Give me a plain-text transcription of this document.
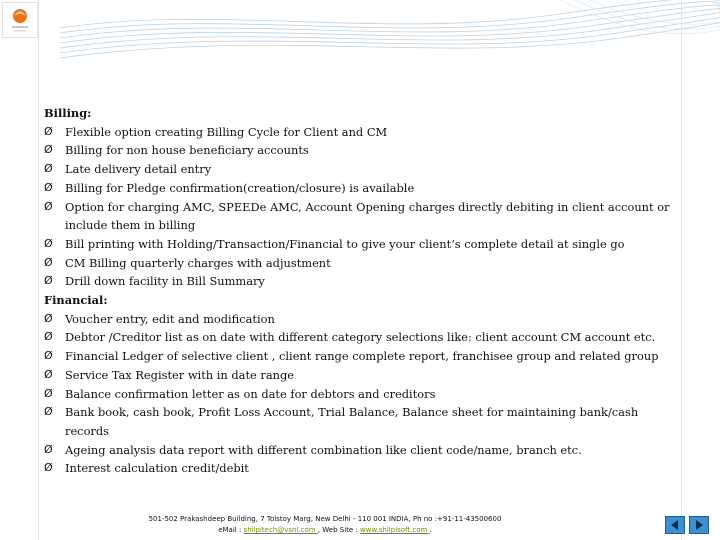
Billing:
Ø Flexible option creating Billing Cycle for Client and CM
Ø Billing for non house beneficiary accounts
Ø Late delivery detail entry
Ø Billing for Pledge confirmation(creation/closure) is available
Ø Option for charging AMC, SPEEDe AMC, Account Opening charges directly debiting in client account or include them in billing
Ø Bill printing with Holding/Transaction/Financial to give your client’s complete detail at single go
Ø CM Billing quarterly charges with adjustment
Ø Drill down facility in Bill Summary
Financial:
Ø Voucher entry, edit and modification
Ø Debtor /Creditor list as on date with different category selections like: client account CM account etc.
Ø Financial Ledger of selective client , client range complete report, franchisee group and related group
Ø Service Tax Register with in date range
Ø Balance confirmation letter as on date for debtors and creditors
Ø Bank book, cash book, Profit Loss Account, Trial Balance, Balance sheet for maintaining bank/cash records
Ø Ageing analysis data report with different combination like client code/name, branch etc.
Ø Interest calculation credit/debit
501-502 Prakashdeep Building, 7 Tolstoy Marg, New Delhi - 110 001 INDIA, Ph no :+91-11-43500600
eMail : shilpitech@vsnl.com , Web Site : www.shilpisoft.com .
